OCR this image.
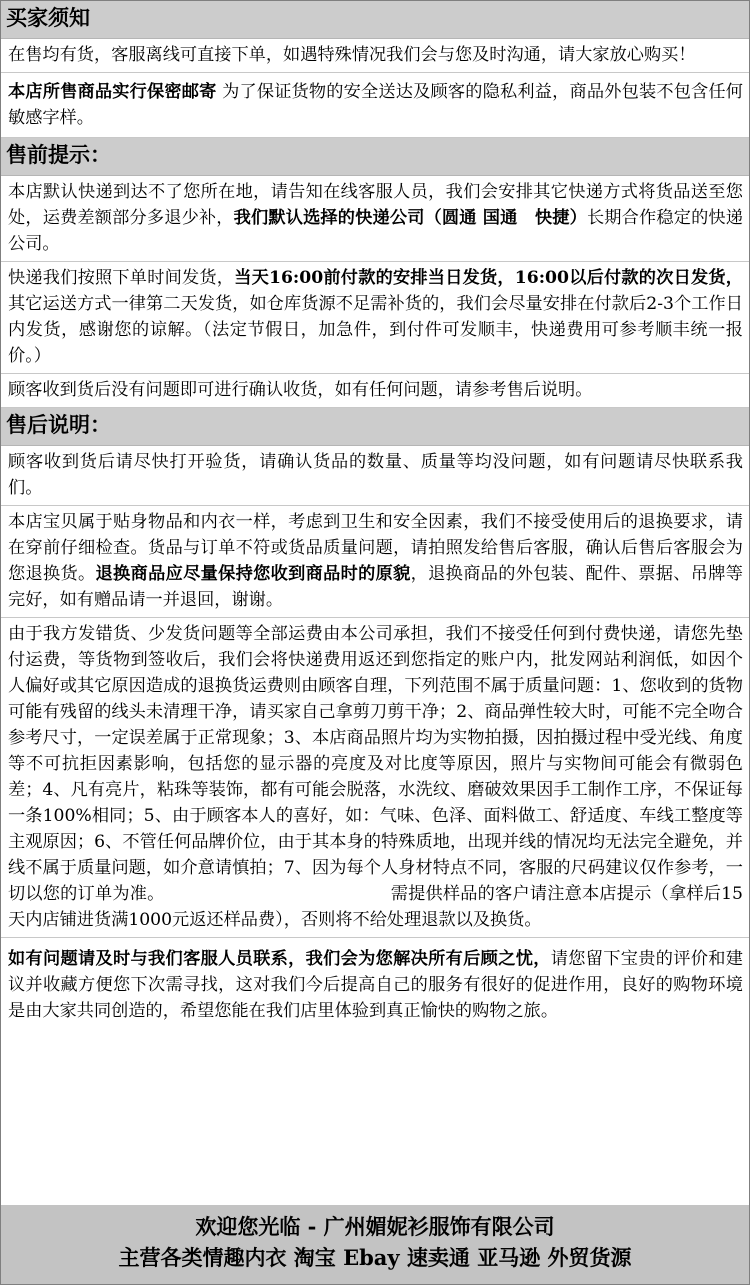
买家须知
在售均有货，客服离线可直接下单，如遇特殊情况我们会与您及时沟通，请大家放心购买！
本店所售商品实行保密邮寄 为了保证货物的安全送达及顾客的隐私利益，商品外包装不包含任何敏感字样。
售前提示：
本店默认快递到达不了您所在地，请告知在线客服人员，我们会安排其它快递方式将货品送至您处，运费差额部分多退少补，我们默认选择的快递公司（圆通 国通　快捷）长期合作稳定的快递公司。
快递我们按照下单时间发货，当天16:00前付款的安排当日发货，16:00以后付款的次日发货，其它运送方式一律第二天发货，如仓库货源不足需补货的，我们会尽量安排在付款后2-3个工作日内发货，感谢您的谅解。（法定节假日，加急件，到付件可发顺丰，快递费用可参考顺丰统一报价。）
顾客收到货后没有问题即可进行确认收货，如有任何问题，请参考售后说明。
售后说明：
顾客收到货后请尽快打开验货，请确认货品的数量、质量等均没问题，如有问题请尽快联系我们。
本店宝贝属于贴身物品和内衣一样，考虑到卫生和安全因素，我们不接受使用后的退换要求，请在穿前仔细检查。货品与订单不符或货品质量问题，请拍照发给售后客服，确认后售后客服会为您退换货。退换商品应尽量保持您收到商品时的原貌，退换商品的外包装、配件、票据、吊牌等完好，如有赠品请一并退回，谢谢。
由于我方发错货、少发货问题等全部运费由本公司承担，我们不接受任何到付费快递，请您先垫付运费，等货物到签收后，我们会将快递费用返还到您指定的账户内，批发网站利润低，如因个人偏好或其它原因造成的退换货运费则由顾客自理，下列范围不属于质量问题：1、您收到的货物可能有残留的线头未清理干净，请买家自己拿剪刀剪干净；2、商品弹性较大时，可能不完全吻合参考尺寸，一定误差属于正常现象；3、本店商品照片均为实物拍摄，因拍摄过程中受光线、角度等不可抗拒因素影响，包括您的显示器的亮度及对比度等原因，照片与实物间可能会有微弱色差；4、凡有亮片，粘珠等装饰，都有可能会脱落，水洗纹、磨破效果因手工制作工序，不保证每一条100%相同；5、由于顾客本人的喜好，如：气味、色泽、面料做工、舒适度、车线工整度等主观原因；6、不管任何品牌价位，由于其本身的特殊质地，出现并线的情况均无法完全避免，并线不属于质量问题，如介意请慎拍；7、因为每个人身材特点不同，客服的尺码建议仅作参考，一切以您的订单为准。	需提供样品的客户请注意本店提示（拿样后15天内店铺进货满1000元返还样品费），否则将不给处理退款以及换货。
如有问题请及时与我们客服人员联系，我们会为您解决所有后顾之忧，请您留下宝贵的评价和建议并收藏方便您下次需寻找，这对我们今后提高自己的服务有很好的促进作用，良好的购物环境是由大家共同创造的，希望您能在我们店里体验到真正愉快的购物之旅。
欢迎您光临 - 广州媚妮衫服饰有限公司
主营各类情趣内衣 淘宝 Ebay 速卖通 亚马逊 外贸货源
